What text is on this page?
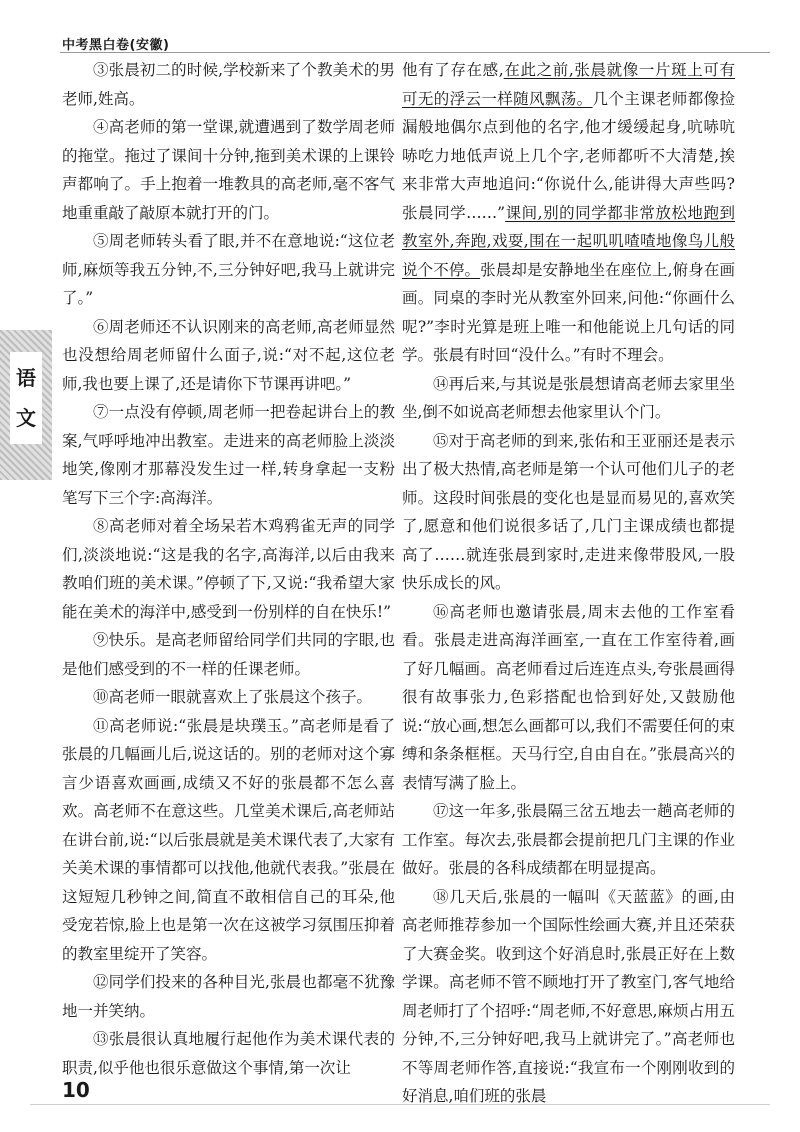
中考黑白卷(安徽)
语 文

③张晨初二的时候,学校新来了个教美术的男老师,姓高。

④高老师的第一堂课,就遭遇到了数学周老师的拖堂。拖过了课间十分钟,拖到美术课的上课铃声都响了。手上抱着一堆教具的高老师,毫不客气地重重敲了敲原本就打开的门。

⑤周老师转头看了眼,并不在意地说:“这位老师,麻烦等我五分钟,不,三分钟好吧,我马上就讲完了。”

⑥周老师还不认识刚来的高老师,高老师显然也没想给周老师留什么面子,说:“对不起,这位老师,我也要上课了,还是请你下节课再讲吧。”

⑦一点没有停顿,周老师一把卷起讲台上的教案,气呼呼地冲出教室。走进来的高老师脸上淡淡地笑,像刚才那幕没发生过一样,转身拿起一支粉笔写下三个字:高海洋。

⑧高老师对着全场呆若木鸡鸦雀无声的同学们,淡淡地说:“这是我的名字,高海洋,以后由我来教咱们班的美术课。”停顿了下,又说:“我希望大家能在美术的海洋中,感受到一份别样的自在快乐!”

⑨快乐。是高老师留给同学们共同的字眼,也是他们感受到的不一样的任课老师。

⑩高老师一眼就喜欢上了张晨这个孩子。

⑪高老师说:“张晨是块璞玉。”高老师是看了张晨的几幅画儿后,说这话的。别的老师对这个寡言少语喜欢画画,成绩又不好的张晨都不怎么喜欢。高老师不在意这些。几堂美术课后,高老师站在讲台前,说:“以后张晨就是美术课代表了,大家有关美术课的事情都可以找他,他就代表我。”张晨在这短短几秒钟之间,简直不敢相信自己的耳朵,他受宠若惊,脸上也是第一次在这被学习氛围压抑着的教室里绽开了笑容。

⑫同学们投来的各种目光,张晨也都毫不犹豫地一并笑纳。

⑬张晨很认真地履行起他作为美术课代表的职责,似乎他也很乐意做这个事情,第一次让

他有了存在感,在此之前,张晨就像一片斑上可有可无的浮云一样随风飘荡。几个主课老师都像捡漏般地偶尔点到他的名字,他才缓缓起身,吭哧吭哧吃力地低声说上几个字,老师都听不大清楚,挨来非常大声地追问:“你说什么,能讲得大声些吗?张晨同学……”课间,别的同学都非常放松地跑到教室外,奔跑,戏耍,围在一起叽叽喳喳地像鸟儿般说个不停。张晨却是安静地坐在座位上,俯身在画画。同桌的李时光从教室外回来,问他:“你画什么呢?”李时光算是班上唯一和他能说上几句话的同学。张晨有时回“没什么。”有时不理会。

⑭再后来,与其说是张晨想请高老师去家里坐坐,倒不如说高老师想去他家里认个门。

⑮对于高老师的到来,张佑和王亚丽还是表示出了极大热情,高老师是第一个认可他们儿子的老师。这段时间张晨的变化也是显而易见的,喜欢笑了,愿意和他们说很多话了,几门主课成绩也都提高了……就连张晨到家时,走进来像带股风,一股快乐成长的风。

⑯高老师也邀请张晨,周末去他的工作室看看。张晨走进高海洋画室,一直在工作室待着,画了好几幅画。高老师看过后连连点头,夸张晨画得很有故事张力,色彩搭配也恰到好处,又鼓励他说:“放心画,想怎么画都可以,我们不需要任何的束缚和条条框框。天马行空,自由自在。”张晨高兴的表情写满了脸上。

⑰这一年多,张晨隔三岔五地去一趟高老师的工作室。每次去,张晨都会提前把几门主课的作业做好。张晨的各科成绩都在明显提高。

⑱几天后,张晨的一幅叫《天蓝蓝》的画,由高老师推荐参加一个国际性绘画大赛,并且还荣获了大赛金奖。收到这个好消息时,张晨正好在上数学课。高老师不管不顾地打开了教室门,客气地给周老师打了个招呼:“周老师,不好意思,麻烦占用五分钟,不,三分钟好吧,我马上就讲完了。”高老师也不等周老师作答,直接说:“我宣布一个刚刚收到的好消息,咱们班的张晨

10
